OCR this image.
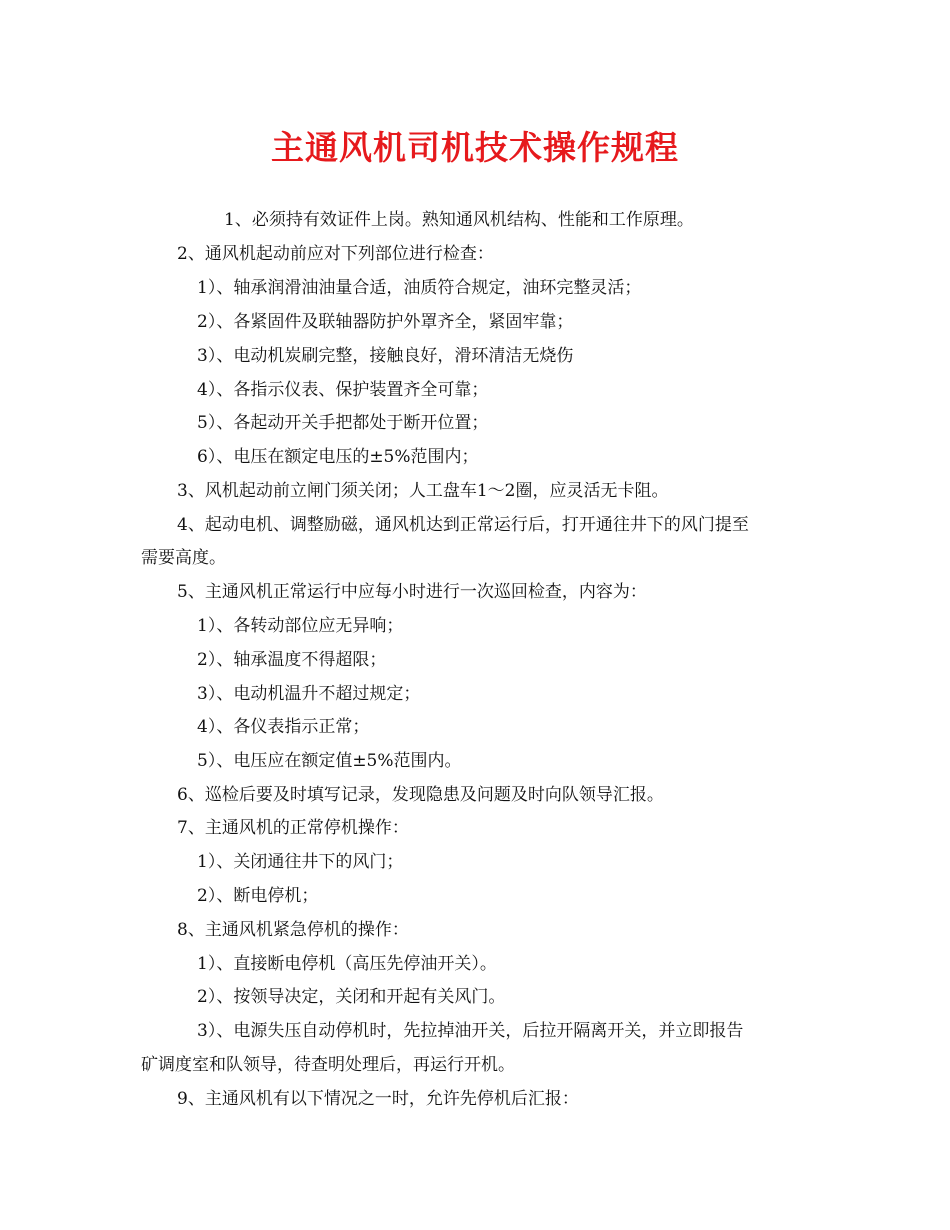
主通风机司机技术操作规程
1、必须持有效证件上岗。熟知通风机结构、性能和工作原理。
2、通风机起动前应对下列部位进行检查：
1）、轴承润滑油油量合适，油质符合规定，油环完整灵活；
2）、各紧固件及联轴器防护外罩齐全，紧固牢靠；
3）、电动机炭刷完整，接触良好，滑环清洁无烧伤
4）、各指示仪表、保护装置齐全可靠；
5）、各起动开关手把都处于断开位置；
6）、电压在额定电压的±5%范围内；
3、风机起动前立闸门须关闭；人工盘车1～2圈，应灵活无卡阻。
4、起动电机、调整励磁，通风机达到正常运行后，打开通往井下的风门提至
需要高度。
5、主通风机正常运行中应每小时进行一次巡回检查，内容为：
1）、各转动部位应无异响；
2）、轴承温度不得超限；
3）、电动机温升不超过规定；
4）、各仪表指示正常；
5）、电压应在额定值±5%范围内。
6、巡检后要及时填写记录，发现隐患及问题及时向队领导汇报。
7、主通风机的正常停机操作：
1）、关闭通往井下的风门；
2）、断电停机；
8、主通风机紧急停机的操作：
1）、直接断电停机（高压先停油开关）。
2）、按领导决定，关闭和开起有关风门。
3）、电源失压自动停机时，先拉掉油开关，后拉开隔离开关，并立即报告
矿调度室和队领导，待查明处理后，再运行开机。
9、主通风机有以下情况之一时，允许先停机后汇报：
